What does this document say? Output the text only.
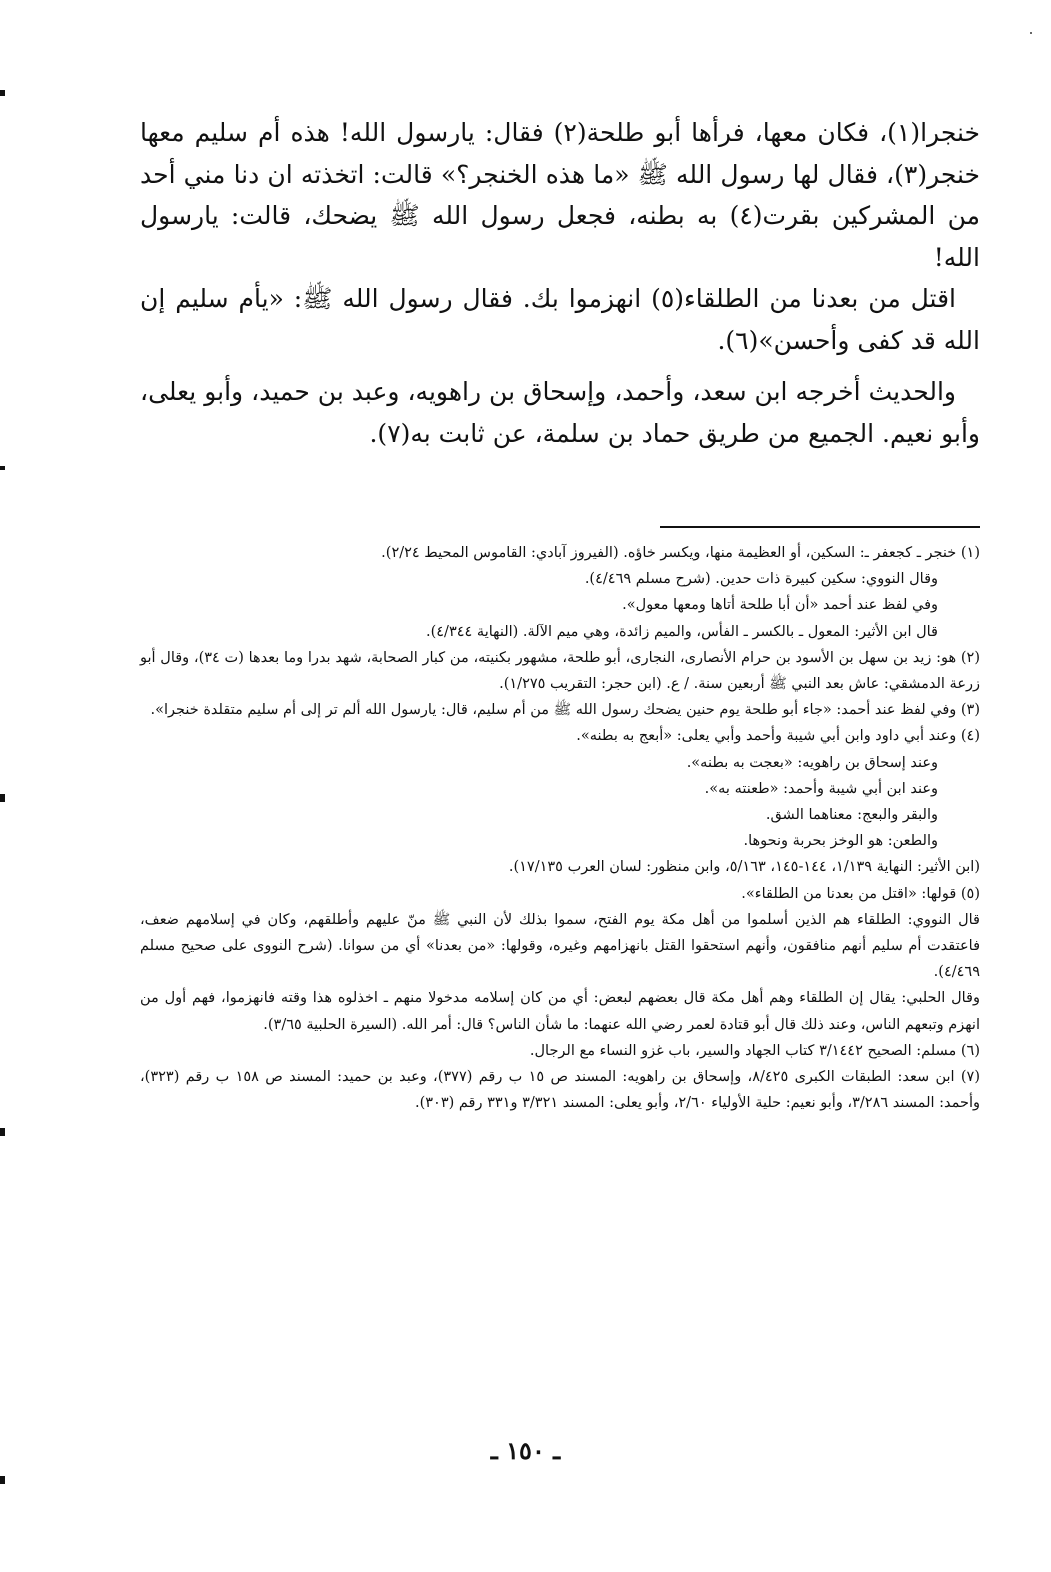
خنجرا(١)، فكان معها، فرأها أبو طلحة(٢) فقال: يارسول الله! هذه أم سليم معها خنجر(٣)، فقال لها رسول الله ﷺ «ما هذه الخنجر؟» قالت: اتخذته ان دنا مني أحد من المشركين بقرت(٤) به بطنه، فجعل رسول الله ﷺ يضحك، قالت: يارسول الله!

اقتل من بعدنا من الطلقاء(٥) انهزموا بك. فقال رسول الله ﷺ: «يأم سليم إن الله قد كفى وأحسن»(٦).

والحديث أخرجه ابن سعد، وأحمد، وإسحاق بن راهويه، وعبد بن حميد، وأبو يعلى، وأبو نعيم. الجميع من طريق حماد بن سلمة، عن ثابت به(٧).

(١) خنجر ـ كجعفر ـ: السكين، أو العظيمة منها، ويكسر خاؤه. (الفيروز آبادي: القاموس المحيط ٢/٢٤).

وقال النووي: سكين كبيرة ذات حدين. (شرح مسلم ٤/٤٦٩).

وفي لفظ عند أحمد «أن أبا طلحة أتاها ومعها معول».

قال ابن الأثير: المعول ـ بالكسر ـ الفأس، والميم زائدة، وهي ميم الآلة. (النهاية ٤/٣٤٤).

(٢) هو: زيد بن سهل بن الأسود بن حرام الأنصارى، النجارى، أبو طلحة، مشهور بكنيته، من كبار الصحابة، شهد بدرا وما بعدها (ت ٣٤)، وقال أبو زرعة الدمشقي: عاش بعد النبي ﷺ أربعين سنة. / ع. (ابن حجر: التقريب ١/٢٧٥).

(٣) وفي لفظ عند أحمد: «جاء أبو طلحة يوم حنين يضحك رسول الله ﷺ من أم سليم، قال: يارسول الله ألم تر إلى أم سليم متقلدة خنجرا».

(٤) وعند أبي داود وابن أبي شيبة وأحمد وأبي يعلى: «أبعج به بطنه».

وعند إسحاق بن راهويه: «بعجت به بطنه».

وعند ابن أبي شيبة وأحمد: «طعنته به».

والبقر والبعج: معناهما الشق.

والطعن: هو الوخز بحربة ونحوها.

(ابن الأثير: النهاية ١/١٣٩، ١٤٤-١٤٥، ٥/١٦٣، وابن منظور: لسان العرب ١٧/١٣٥).

(٥) قولها: «اقتل من بعدنا من الطلقاء».

قال النووي: الطلقاء هم الذين أسلموا من أهل مكة يوم الفتح، سموا بذلك لأن النبي ﷺ منّ عليهم وأطلقهم، وكان في إسلامهم ضعف، فاعتقدت أم سليم أنهم منافقون، وأنهم استحقوا القتل بانهزامهم وغيره، وقولها: «من بعدنا» أي من سوانا. (شرح النووى على صحيح مسلم ٤/٤٦٩).

وقال الحلبي: يقال إن الطلقاء وهم أهل مكة قال بعضهم لبعض: أي من كان إسلامه مدخولا منهم ـ اخذلوه هذا وقته فانهزموا، فهم أول من انهزم وتبعهم الناس، وعند ذلك قال أبو قتادة لعمر رضي الله عنهما: ما شأن الناس؟ قال: أمر الله. (السيرة الحلبية ٣/٦٥).

(٦) مسلم: الصحيح ٣/١٤٤٢ كتاب الجهاد والسير، باب غزو النساء مع الرجال.

(٧) ابن سعد: الطبقات الكبرى ٨/٤٢٥، وإسحاق بن راهويه: المسند ص ١٥ ب رقم (٣٧٧)، وعبد بن حميد: المسند ص ١٥٨ ب رقم (٣٢٣)، وأحمد: المسند ٣/٢٨٦، وأبو نعيم: حلية الأولياء ٢/٦٠، وأبو يعلى: المسند ٣/٣٢١ و٣٣١ رقم (٣٠٣).

ـ ١٥٠ ـ
